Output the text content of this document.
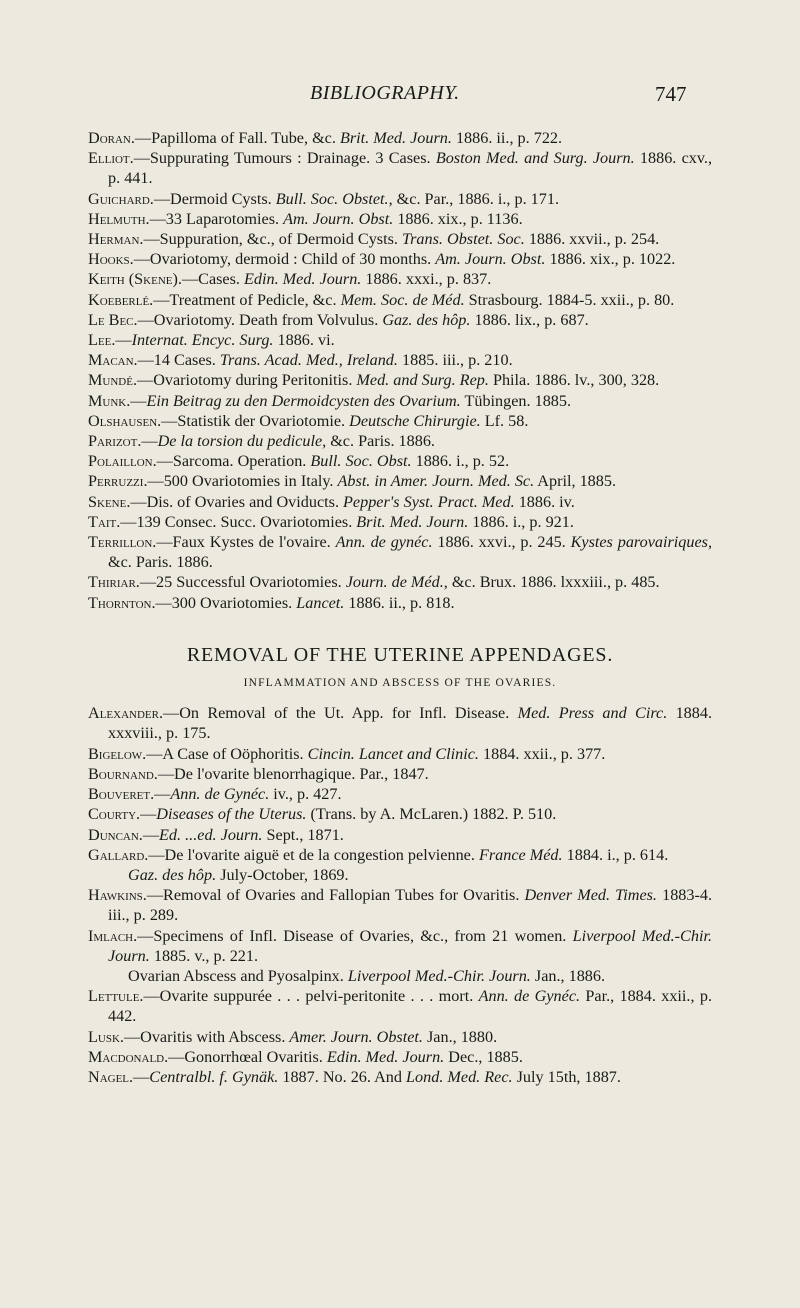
BIBLIOGRAPHY.	747

Doran.—Papilloma of Fall. Tube, &c. Brit. Med. Journ. 1886. ii., p. 722.

Elliot.—Suppurating Tumours : Drainage. 3 Cases. Boston Med. and Surg. Journ. 1886. cxv., p. 441.

Guichard.—Dermoid Cysts. Bull. Soc. Obstet., &c. Par., 1886. i., p. 171.

Helmuth.—33 Laparotomies. Am. Journ. Obst. 1886. xix., p. 1136.

Herman.—Suppuration, &c., of Dermoid Cysts. Trans. Obstet. Soc. 1886. xxvii., p. 254.

Hooks.—Ovariotomy, dermoid : Child of 30 months. Am. Journ. Obst. 1886. xix., p. 1022.

Keith (Skene).—Cases. Edin. Med. Journ. 1886. xxxi., p. 837.

Koeberlé.—Treatment of Pedicle, &c. Mem. Soc. de Méd. Strasbourg. 1884-5. xxii., p. 80.

Le Bec.—Ovariotomy. Death from Volvulus. Gaz. des hôp. 1886. lix., p. 687.

Lee.—Internat. Encyc. Surg. 1886. vi.

Macan.—14 Cases. Trans. Acad. Med., Ireland. 1885. iii., p. 210.

Mundé.—Ovariotomy during Peritonitis. Med. and Surg. Rep. Phila. 1886. lv., 300, 328.

Munk.—Ein Beitrag zu den Dermoidcysten des Ovarium. Tübingen. 1885.

Olshausen.—Statistik der Ovariotomie. Deutsche Chirurgie. Lf. 58.

Parizot.—De la torsion du pedicule, &c. Paris. 1886.

Polaillon.—Sarcoma. Operation. Bull. Soc. Obst. 1886. i., p. 52.

Perruzzi.—500 Ovariotomies in Italy. Abst. in Amer. Journ. Med. Sc. April, 1885.

Skene.—Dis. of Ovaries and Oviducts. Pepper's Syst. Pract. Med. 1886. iv.

Tait.—139 Consec. Succ. Ovariotomies. Brit. Med. Journ. 1886. i., p. 921.

Terrillon.—Faux Kystes de l'ovaire. Ann. de gynéc. 1886. xxvi., p. 245. Kystes parovairiques, &c. Paris. 1886.

Thiriar.—25 Successful Ovariotomies. Journ. de Méd., &c. Brux. 1886. lxxxiii., p. 485.

Thornton.—300 Ovariotomies. Lancet. 1886. ii., p. 818.

REMOVAL OF THE UTERINE APPENDAGES.
INFLAMMATION AND ABSCESS OF THE OVARIES.

Alexander.—On Removal of the Ut. App. for Infl. Disease. Med. Press and Circ. 1884. xxxviii., p. 175.

Bigelow.—A Case of Oöphoritis. Cincin. Lancet and Clinic. 1884. xxii., p. 377.

Bournand.—De l'ovarite blenorrhagique. Par., 1847.

Bouveret.—Ann. de Gynéc. iv., p. 427.

Courty.—Diseases of the Uterus. (Trans. by A. McLaren.) 1882. P. 510.

Duncan.—Ed. ...ed. Journ. Sept., 1871.

Gallard.—De l'ovarite aiguë et de la congestion pelvienne. France Méd. 1884. i., p. 614.

Gaz. des hôp. July-October, 1869.

Hawkins.—Removal of Ovaries and Fallopian Tubes for Ovaritis. Denver Med. Times. 1883-4. iii., p. 289.

Imlach.—Specimens of Infl. Disease of Ovaries, &c., from 21 women. Liverpool Med.-Chir. Journ. 1885. v., p. 221.

Ovarian Abscess and Pyosalpinx. Liverpool Med.-Chir. Journ. Jan., 1886.

Lettule.—Ovarite suppurée . . . pelvi-peritonite . . . mort. Ann. de Gynéc. Par., 1884. xxii., p. 442.

Lusk.—Ovaritis with Abscess. Amer. Journ. Obstet. Jan., 1880.

Macdonald.—Gonorrhœal Ovaritis. Edin. Med. Journ. Dec., 1885.

Nagel.—Centralbl. f. Gynäk. 1887. No. 26. And Lond. Med. Rec. July 15th, 1887.
